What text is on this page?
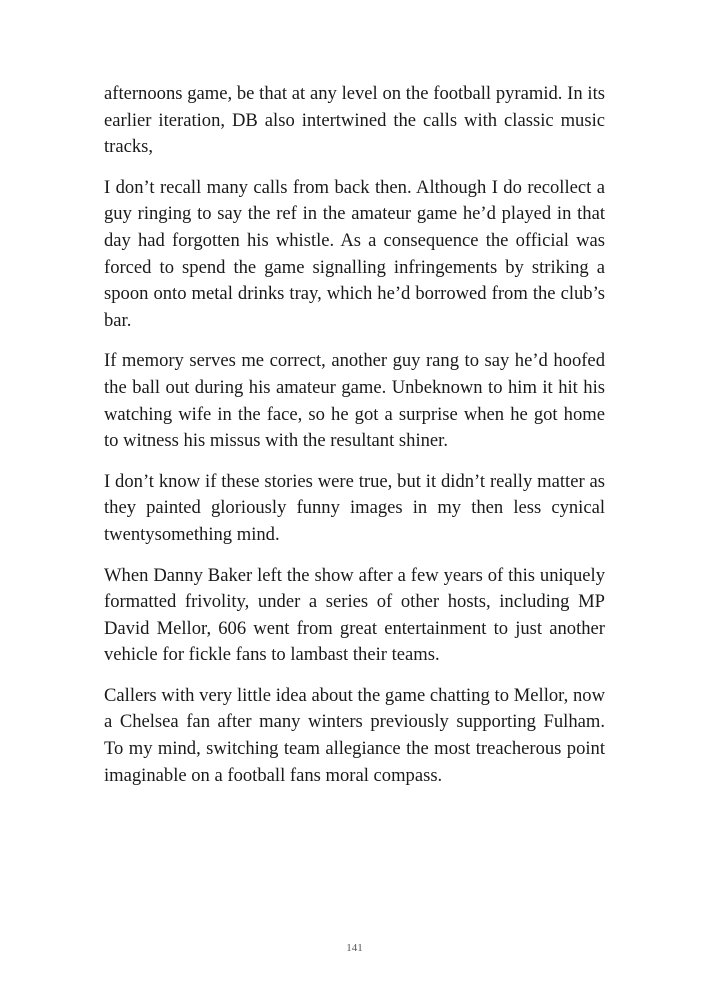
afternoons game, be that at any level on the football pyramid. In its earlier iteration, DB also intertwined the calls with classic music tracks,

I don’t recall many calls from back then. Although I do recollect a guy ringing to say the ref in the amateur game he’d played in that day had forgotten his whistle. As a consequence the official was forced to spend the game signalling infringements by striking a spoon onto metal drinks tray, which he’d borrowed from the club’s bar.

If memory serves me correct, another guy rang to say he’d hoofed the ball out during his amateur game. Unbeknown to him it hit his watching wife in the face, so he got a surprise when he got home to witness his missus with the resultant shiner.

I don’t know if these stories were true, but it didn’t really matter as they painted gloriously funny images in my then less cynical twentysomething mind.

When Danny Baker left the show after a few years of this uniquely formatted frivolity, under a series of other hosts, including MP David Mellor, 606 went from great entertainment to just another vehicle for fickle fans to lambast their teams.

Callers with very little idea about the game chatting to Mellor, now a Chelsea fan after many winters previously supporting Fulham. To my mind, switching team allegiance the most treacherous point imaginable on a football fans moral compass.

141
